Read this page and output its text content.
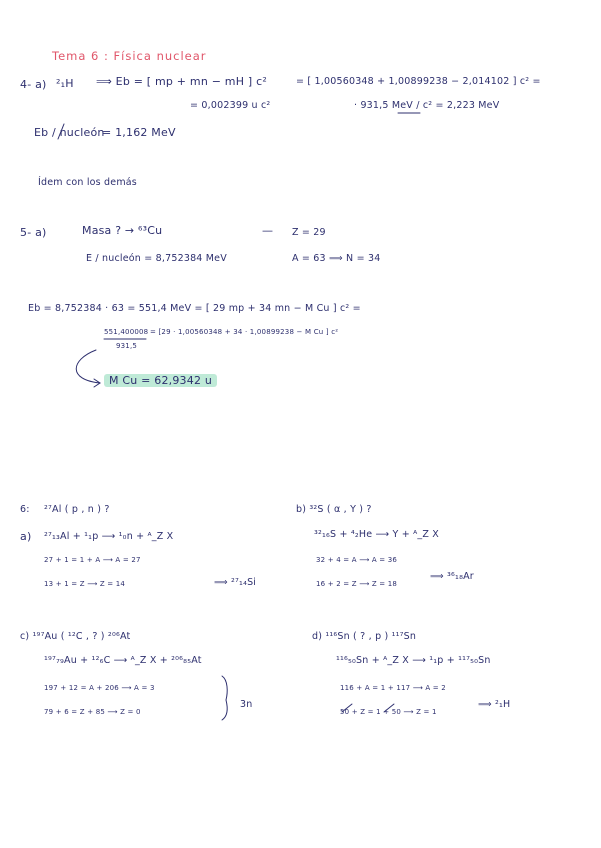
Tema 6 : Física nuclear
4- a) ²₁H ⟹ Eb = [ mp + mn − mH ] c²	= [ 1,00560348 + 1,00899238 − 2,014102 ] c² =
= 0,002399 u c²	· 931,5 MeV / c² = 2,223 MeV
Eb / nucleón
= 1,162 MeV
Ídem con los demás
5- a)	Masa ? → ⁶³Cu	— Z = 29
E / nucleón = 8,752384 MeV	A = 63 ⟹ N = 34
Eb = 8,752384 · 63 = 551,4 MeV = [ 29 mp + 34 mn − M Cu ] c² =
551,400008
931,5
= [29 · 1,00560348 + 34 · 1,00899238 − M Cu ] c²
M Cu = 62,9342 u
6: ²⁷Al ( p , n ) ?
a) ²⁷₁₃Al + ¹₁p ⟶ ¹₀n + ᴬ_Z X
27 + 1 = 1 + A ⟶ A = 27
13 + 1 = Z ⟶ Z = 14	⟹ ²⁷₁₄Si
b) ³²S ( α , Y ) ?
³²₁₆S + ⁴₂He ⟶ Y + ᴬ_Z X
32 + 4 = A ⟶ A = 36
16 + 2 = Z ⟶ Z = 18
⟹ ³⁶₁₈Ar
c) ¹⁹⁷Au ( ¹²C , ? ) ²⁰⁶At
¹⁹⁷₇₉Au + ¹²₆C ⟶ ᴬ_Z X + ²⁰⁶₈₅At
197 + 12 = A + 206 ⟶ A = 3
79 + 6 = Z + 85 ⟶ Z = 0
3n
d) ¹¹⁶Sn ( ? , p ) ¹¹⁷Sn
¹¹⁶₅₀Sn + ᴬ_Z X ⟶ ¹₁p + ¹¹⁷₅₀Sn
116 + A = 1 + 117 ⟶ A = 2
50 + Z = 1 + 50 ⟶ Z = 1
⟹ ²₁H
